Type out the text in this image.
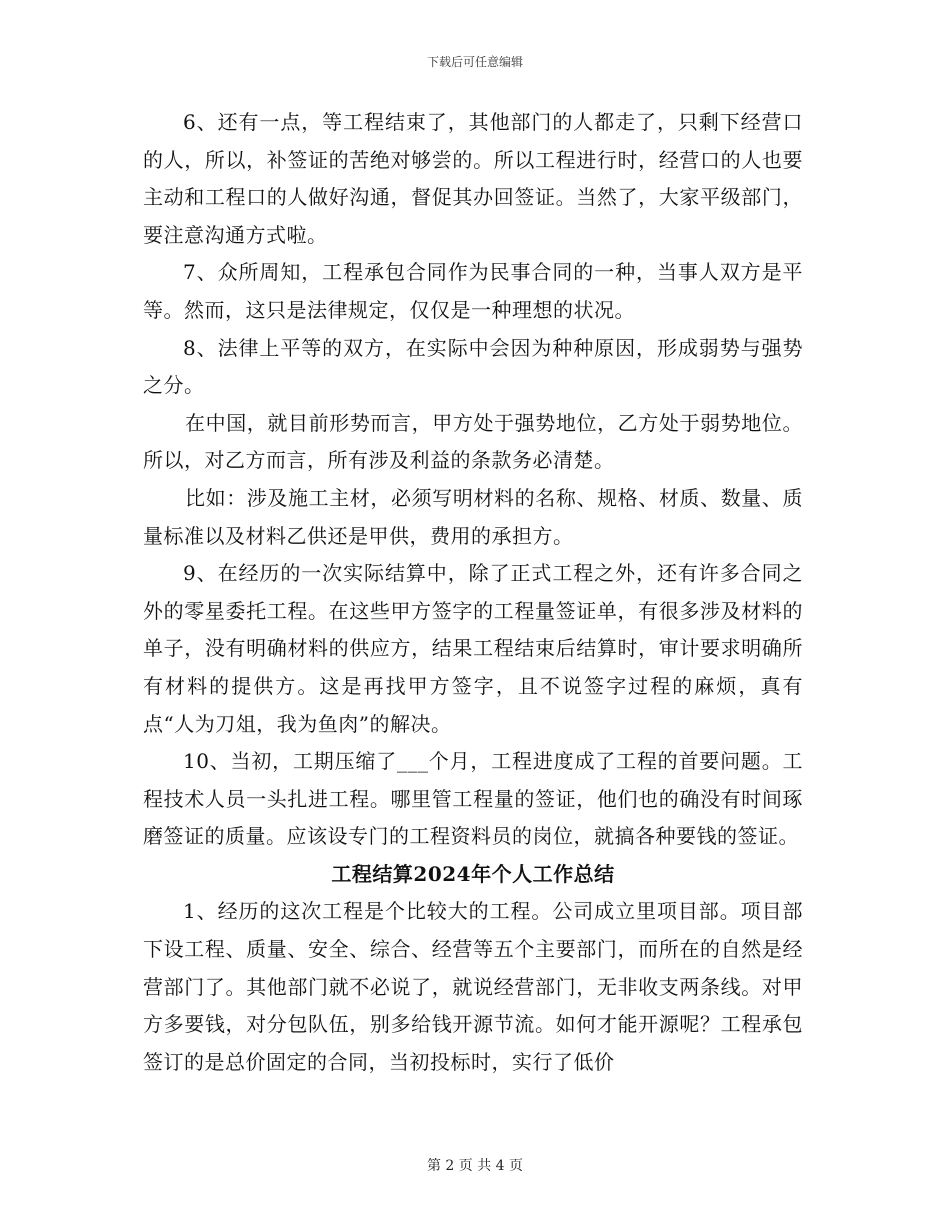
下载后可任意编辑

6、还有一点，等工程结束了，其他部门的人都走了，只剩下经营口的人，所以，补签证的苦绝对够尝的。所以工程进行时，经营口的人也要主动和工程口的人做好沟通，督促其办回签证。当然了，大家平级部门，要注意沟通方式啦。

7、众所周知，工程承包合同作为民事合同的一种，当事人双方是平等。然而，这只是法律规定，仅仅是一种理想的状况。

8、法律上平等的双方，在实际中会因为种种原因，形成弱势与强势之分。

在中国，就目前形势而言，甲方处于强势地位，乙方处于弱势地位。所以，对乙方而言，所有涉及利益的条款务必清楚。

比如：涉及施工主材，必须写明材料的名称、规格、材质、数量、质量标准以及材料乙供还是甲供，费用的承担方。

9、在经历的一次实际结算中，除了正式工程之外，还有许多合同之外的零星委托工程。在这些甲方签字的工程量签证单，有很多涉及材料的单子，没有明确材料的供应方，结果工程结束后结算时，审计要求明确所有材料的提供方。这是再找甲方签字，且不说签字过程的麻烦，真有点“人为刀俎，我为鱼肉”的解决。

10、当初，工期压缩了___个月，工程进度成了工程的首要问题。工程技术人员一头扎进工程。哪里管工程量的签证，他们也的确没有时间琢磨签证的质量。应该设专门的工程资料员的岗位，就搞各种要钱的签证。

工程结算2024年个人工作总结

1、经历的这次工程是个比较大的工程。公司成立里项目部。项目部下设工程、质量、安全、综合、经营等五个主要部门，而所在的自然是经营部门了。其他部门就不必说了，就说经营部门，无非收支两条线。对甲方多要钱，对分包队伍，别多给钱开源节流。如何才能开源呢？工程承包签订的是总价固定的合同，当初投标时，实行了低价

第 2 页 共 4 页
